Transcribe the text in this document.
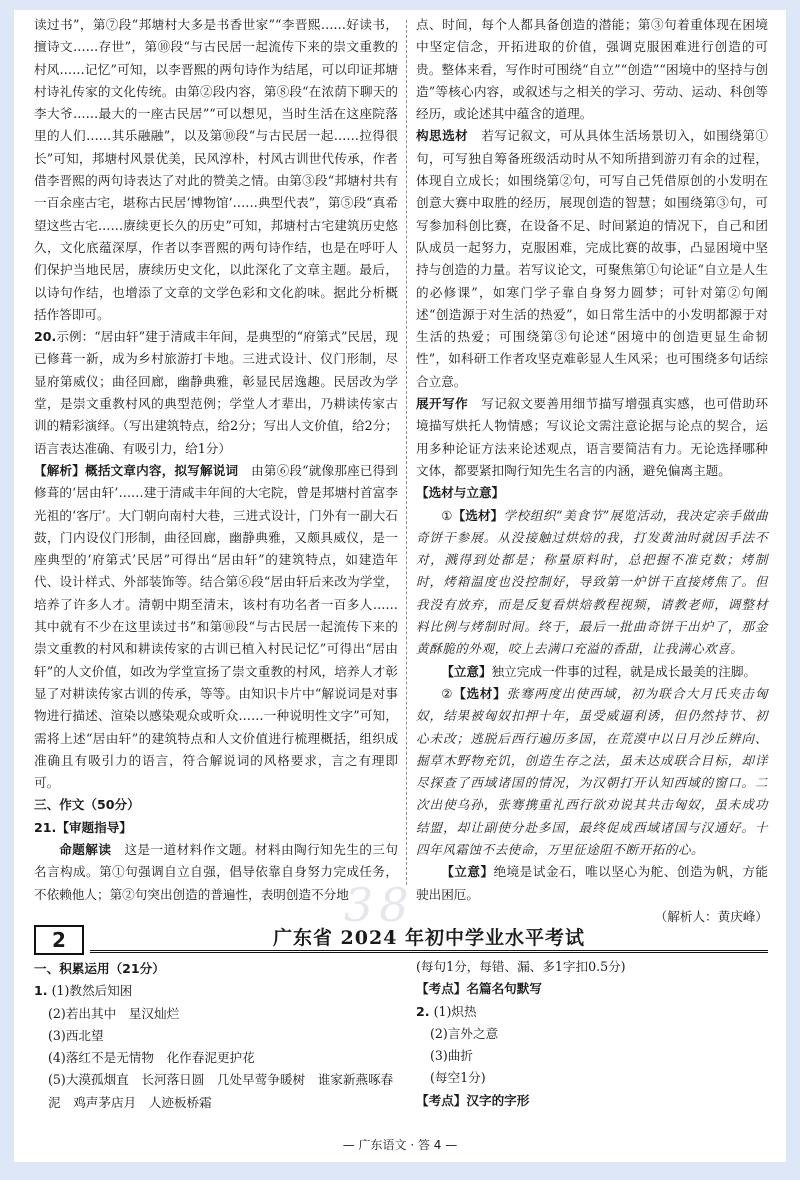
读过书”，第⑦段“邦塘村大多是书香世家”“李晋熙……好读书，擅诗文……存世”，第⑩段“与古民居一起流传下来的崇文重教的村风……记忆”可知，以李晋熙的两句诗作为结尾，可以印证邦塘村诗礼传家的文化传统。由第②段内容，第⑧段“在浓荫下聊天的李大爷……最大的一座古民居”“可以想见，当时生活在这座院落里的人们……其乐融融”，以及第⑩段“与古民居一起……拉得很长”可知，邦塘村风景优美，民风淳朴，村风古训世代传承，作者借李晋熙的两句诗表达了对此的赞美之情。由第③段“邦塘村共有一百余座古宅，堪称古民居‘博物馆’……典型代表”，第⑤段“真希望这些古宅……赓续更长久的历史”可知，邦塘村古宅建筑历史悠久，文化底蕴深厚，作者以李晋熙的两句诗作结，也是在呼吁人们保护当地民居，赓续历史文化，以此深化了文章主题。最后，以诗句作结，也增添了文章的文学色彩和文化韵味。据此分析概括作答即可。

20.示例：“居由轩”建于清咸丰年间，是典型的“府第式”民居，现已修葺一新，成为乡村旅游打卡地。三进式设计、仪门形制，尽显府第威仪；曲径回廊，幽静典雅，彰显民居逸趣。民居改为学堂，是崇文重教村风的典型范例；学堂人才辈出，乃耕读传家古训的精彩演绎。（写出建筑特点，给2分；写出人文价值，给2分；语言表达准确、有吸引力，给1分）

【解析】概括文章内容，拟写解说词　由第⑥段“就像那座已得到修葺的‘居由轩’……建于清咸丰年间的大宅院，曾是邦塘村首富李光祖的‘客厅’。大门朝向南村大巷，三进式设计，门外有一副大石鼓，门内设仪门形制，曲径回廊，幽静典雅，又颇具威仪，是一座典型的‘府第式’民居”可得出“居由轩”的建筑特点，如建造年代、设计样式、外部装饰等。结合第⑥段“居由轩后来改为学堂，培养了许多人才。清朝中期至清末，该村有功名者一百多人……其中就有不少在这里读过书”和第⑩段“与古民居一起流传下来的崇文重教的村风和耕读传家的古训已植入村民记忆”可得出“居由轩”的人文价值，如改为学堂宣扬了崇文重教的村风，培养人才彰显了对耕读传家古训的传承，等等。由知识卡片中“解说词是对事物进行描述、渲染以感染观众或听众……一种说明性文字”可知，需将上述“居由轩”的建筑特点和人文价值进行梳理概括，组织成准确且有吸引力的语言，符合解说词的风格要求，言之有理即可。

三、作文（50分）

21.【审题指导】

命题解读　这是一道材料作文题。材料由陶行知先生的三句名言构成。第①句强调自立自强，倡导依靠自身努力完成任务，不依赖他人；第②句突出创造的普遍性，表明创造不分地

点、时间，每个人都具备创造的潜能；第③句着重体现在困境中坚定信念，开拓进取的价值，强调克服困难进行创造的可贵。整体来看，写作时可围绕“自立”“创造”“困境中的坚持与创造”等核心内容，或叙述与之相关的学习、劳动、运动、科创等经历，或论述其中蕴含的道理。

构思选材　若写记叙文，可从具体生活场景切入，如围绕第①句，可写独自筹备班级活动时从不知所措到游刃有余的过程，体现自立成长；如围绕第②句，可写自己凭借原创的小发明在创意大赛中取胜的经历，展现创造的智慧；如围绕第③句，可写参加科创比赛，在设备不足、时间紧迫的情况下，自己和团队成员一起努力，克服困难，完成比赛的故事，凸显困境中坚持与创造的力量。若写议论文，可聚焦第①句论证“自立是人生的必修课”，如寒门学子靠自身努力圆梦；可针对第②句阐述“创造源于对生活的热爱”，如日常生活中的小发明都源于对生活的热爱；可围绕第③句论述“困境中的创造更显生命韧性”，如科研工作者攻坚克难彰显人生风采；也可围绕多句话综合立意。

展开写作　写记叙文要善用细节描写增强真实感，也可借助环境描写烘托人物情感；写议论文需注意论据与论点的契合，运用多种论证方法来论述观点，语言要简洁有力。无论选择哪种文体，都要紧扣陶行知先生名言的内涵，避免偏离主题。

【选材与立意】

①【选材】学校组织“美食节”展览活动，我决定亲手做曲奇饼干参展。从没接触过烘焙的我，打发黄油时就因手法不对，溅得到处都是；称量原料时，总把握不准克数；烤制时，烤箱温度也没控制好，导致第一炉饼干直接烤焦了。但我没有放弃，而是反复看烘焙教程视频，请教老师，调整材料比例与烤制时间。终于，最后一批曲奇饼干出炉了，那金黄酥脆的外观，咬上去满口充溢的香甜，让我满心欢喜。

【立意】独立完成一件事的过程，就是成长最美的注脚。

②【选材】张骞两度出使西域，初为联合大月氏夹击匈奴，结果被匈奴扣押十年，虽受威逼利诱，但仍然持节、初心未改；逃脱后西行遍历多国，在荒漠中以日月沙丘辨向、掘草木野物充饥，创造生存之法，虽未达成联合目标，却详尽探查了西域诸国的情况，为汉朝打开认知西域的窗口。二次出使乌孙，张骞携重礼西行欲劝说其共击匈奴，虽未成功结盟，却让副使分赴多国，最终促成西域诸国与汉通好。十四年风霜蚀不去使命，万里征途阻不断开拓的心。

【立意】绝境是试金石，唯以坚心为舵、创造为帆，方能驶出困厄。

（解析人：黄庆峰）

38
2	广东省 2024 年初中学业水平考试

一、积累运用（21分）

1. (1)教然后知困

(2)若出其中　星汉灿烂

(3)西北望

(4)落红不是无情物　化作春泥更护花

(5)大漠孤烟直　长河落日圆　几处早莺争暖树　谁家新燕啄春泥　鸡声茅店月　人迹板桥霜

(每句1分，每错、漏、多1字扣0.5分)

【考点】名篇名句默写

2. (1)炽热

(2)言外之意

(3)曲折

(每空1分)

【考点】汉字的字形

— 广东语文 · 答 4 —
